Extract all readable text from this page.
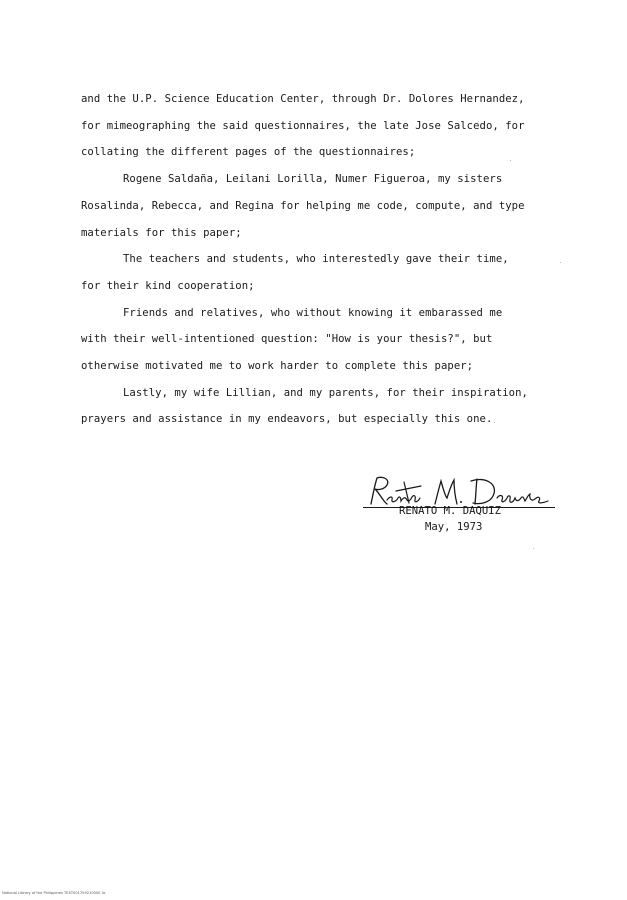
and the U.P. Science Education Center, through Dr. Dolores Hernandez,
for mimeographing the said questionnaires, the late Jose Salcedo, for
collating the different pages of the questionnaires;
Rogene Saldaña, Leilani Lorilla, Numer Figueroa, my sisters
Rosalinda, Rebecca, and Regina for helping me code, compute, and type
materials for this paper;
The teachers and students, who interestedly gave their time,
for their kind cooperation;
Friends and relatives, who without knowing it embarassed me
with their well-intentioned question: "How is your thesis?", but
otherwise motivated me to work harder to complete this paper;
Lastly, my wife Lillian, and my parents, for their inspiration,
prayers and assistance in my endeavors, but especially this one.
RENATO M. DAQUIZ
May, 1973
National Library of the Philippines TEXT001759210000 jlc
